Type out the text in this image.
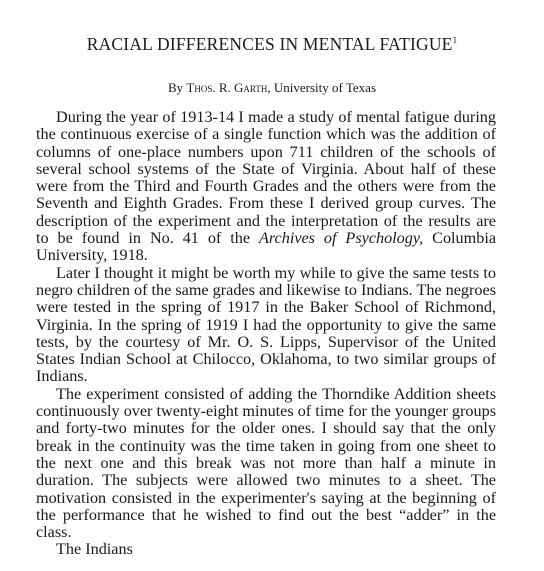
RACIAL DIFFERENCES IN MENTAL FATIGUE$^1$
By Thos. R. Garth, University of Texas

During the year of 1913-14 I made a study of mental fatigue during the continuous exercise of a single function which was the addition of columns of one-place numbers upon 711 children of the schools of several school systems of the State of Virginia. About half of these were from the Third and Fourth Grades and the others were from the Seventh and Eighth Grades. From these I derived group curves. The description of the experiment and the interpretation of the results are to be found in No. 41 of the Archives of Psychology, Columbia University, 1918.

Later I thought it might be worth my while to give the same tests to negro children of the same grades and likewise to Indians. The negroes were tested in the spring of 1917 in the Baker School of Richmond, Virginia. In the spring of 1919 I had the opportunity to give the same tests, by the courtesy of Mr. O. S. Lipps, Supervisor of the United States Indian School at Chilocco, Oklahoma, to two similar groups of Indians.

The experiment consisted of adding the Thorndike Addition sheets continuously over twenty-eight minutes of time for the younger groups and forty-two minutes for the older ones. I should say that the only break in the continuity was the time taken in going from one sheet to the next one and this break was not more than half a minute in duration. The subjects were allowed two minutes to a sheet. The motivation consisted in the experimenter's saying at the beginning of the performance that he wished to find out the best “adder” in the class.

The Indians
